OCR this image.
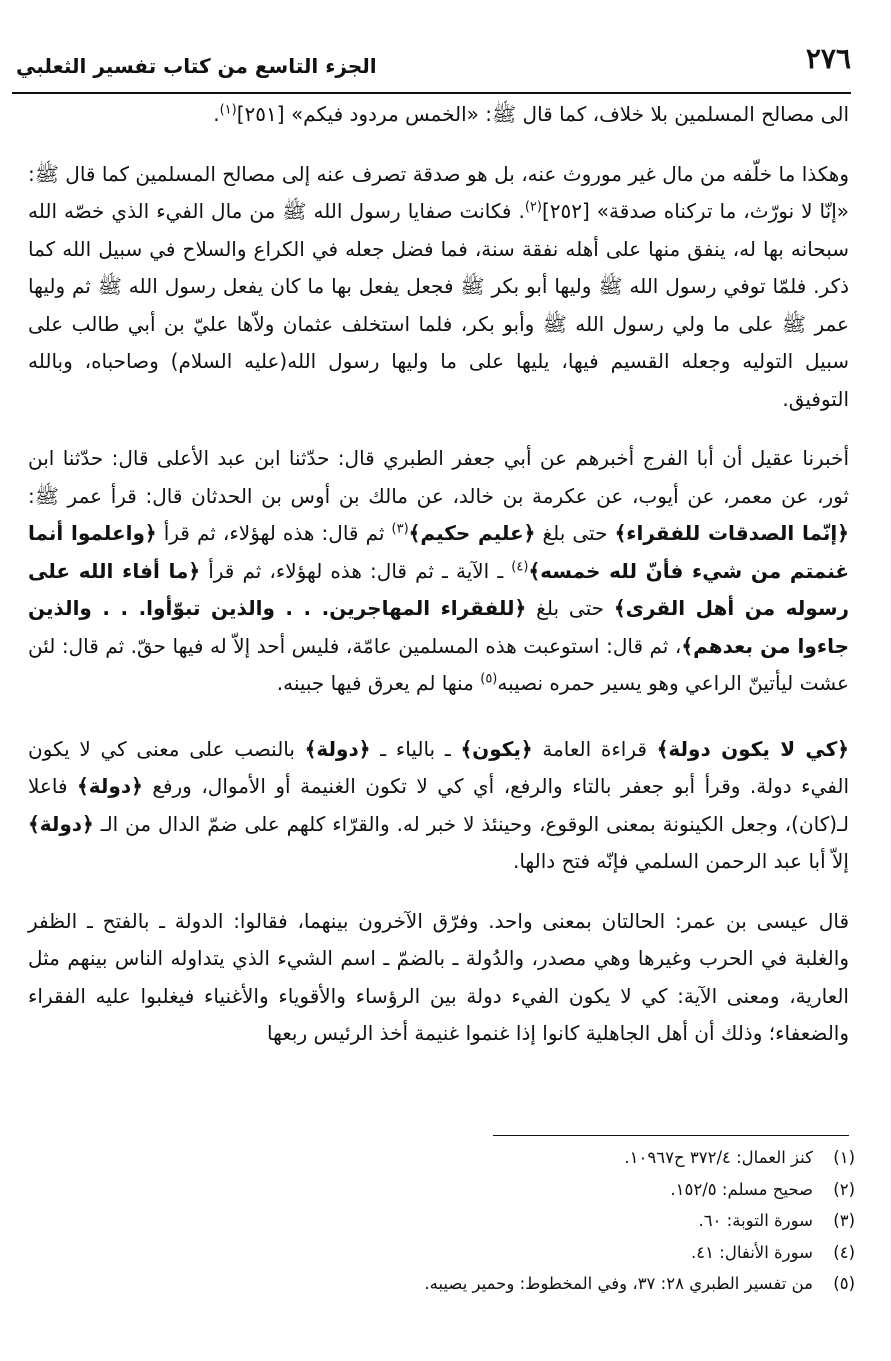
٢٧٦
الجزء التاسع من كتاب تفسير الثعلبي

الى مصالح المسلمين بلا خلاف، كما قال ﷺ: «الخمس مردود فيكم» [٢٥١]$^{(١)}$.

وهكذا ما خلّفه من مال غير موروث عنه، بل هو صدقة تصرف عنه إلى مصالح المسلمين كما قال ﷺ: «إنّا لا نورّث، ما تركناه صدقة» [٢٥٢]$^{(٢)}$. فكانت صفايا رسول الله ﷺ من مال الفيء الذي خصّه الله سبحانه بها له، ينفق منها على أهله نفقة سنة، فما فضل جعله في الكراع والسلاح في سبيل الله كما ذكر. فلمّا توفي رسول الله ﷺ وليها أبو بكر ﷺ فجعل يفعل بها ما كان يفعل رسول الله ﷺ ثم وليها عمر ﷺ على ما ولي رسول الله ﷺ وأبو بكر، فلما استخلف عثمان ولاّها عليّ بن أبي طالب على سبيل التوليه وجعله القسيم فيها، يليها على ما وليها رسول الله(عليه السلام) وصاحباه، وبالله التوفيق.

أخبرنا عقيل أن أبا الفرج أخبرهم عن أبي جعفر الطبري قال: حدّثنا ابن عبد الأعلى قال: حدّثنا ابن ثور، عن معمر، عن أيوب، عن عكرمة بن خالد، عن مالك بن أوس بن الحدثان قال: قرأ عمر ﷺ: ﴿إنّما الصدقات للفقراء﴾ حتى بلغ ﴿عليم حكيم﴾$^{(٣)}$ ثم قال: هذه لهؤلاء، ثم قرأ ﴿واعلموا أنما غنمتم من شيء فأنّ لله خمسه﴾$^{(٤)}$ ـ الآية ـ ثم قال: هذه لهؤلاء، ثم قرأ ﴿ما أفاء الله على رسوله من أهل القرى﴾ حتى بلغ ﴿للفقراء المهاجرين. . . والذين تبوّأوا. . . والذين جاءوا من بعدهم﴾، ثم قال: استوعبت هذه المسلمين عامّة، فليس أحد إلاّ له فيها حقّ. ثم قال: لئن عشت ليأتينّ الراعي وهو يسير حمره نصيبه$^{(٥)}$ منها لم يعرق فيها جبينه.

﴿كي لا يكون دولة﴾ قراءة العامة ﴿يكون﴾ ـ بالياء ـ ﴿دولة﴾ بالنصب على معنى كي لا يكون الفيء دولة. وقرأ أبو جعفر بالتاء والرفع، أي كي لا تكون الغنيمة أو الأموال، ورفع ﴿دولة﴾ فاعلا لـ(كان)، وجعل الكينونة بمعنى الوقوع، وحينئذ لا خبر له. والقرّاء كلهم على ضمّ الدال من الـ ﴿دولة﴾ إلاّ أبا عبد الرحمن السلمي فإنّه فتح دالها.

قال عيسى بن عمر: الحالتان بمعنى واحد. وفرّق الآخرون بينهما، فقالوا: الدولة ـ بالفتح ـ الظفر والغلبة في الحرب وغيرها وهي مصدر، والدُولة ـ بالضمّ ـ اسم الشيء الذي يتداوله الناس بينهم مثل العارية، ومعنى الآية: كي لا يكون الفيء دولة بين الرؤساء والأقوياء والأغنياء فيغلبوا عليه الفقراء والضعفاء؛ وذلك أن أهل الجاهلية كانوا إذا غنموا غنيمة أخذ الرئيس ربعها

(١)
كنز العمال: ٣٧٢/٤ ح١٠٩٦٧.
(٢)
صحيح مسلم: ١٥٢/٥.
(٣)
سورة التوبة: ٦٠.
(٤)
سورة الأنفال: ٤١.
(٥)
من تفسير الطبري ٢٨: ٣٧، وفي المخطوط: وحمير يصيبه.
